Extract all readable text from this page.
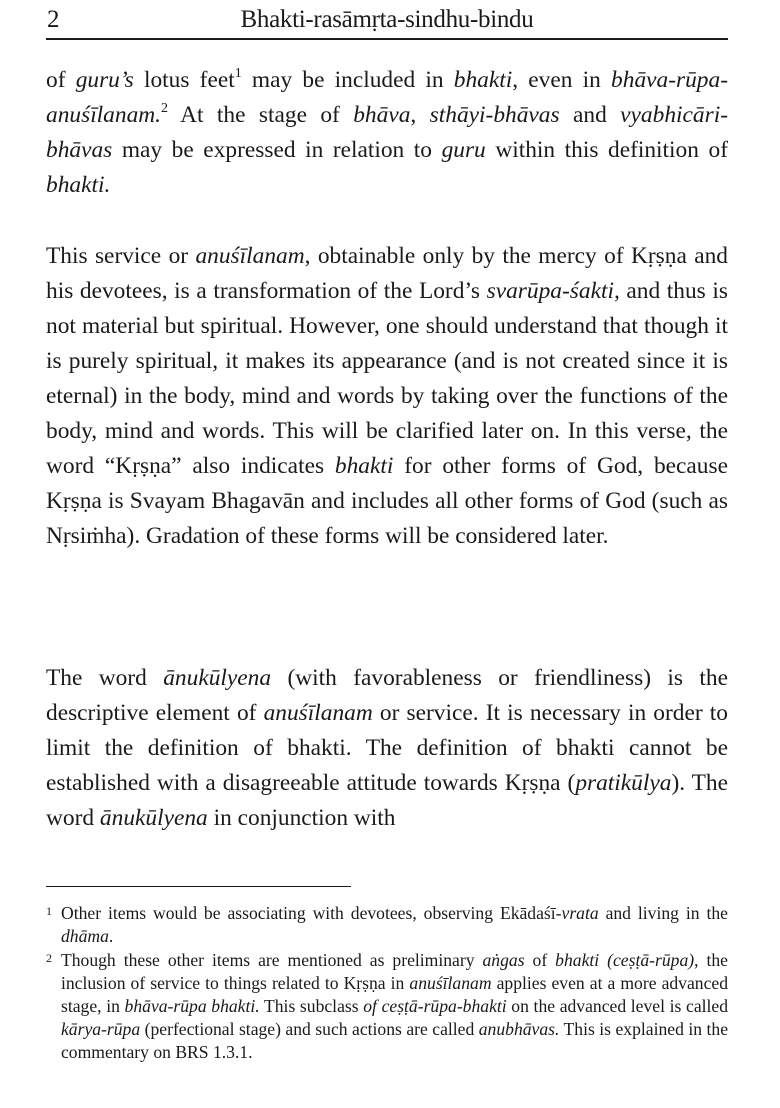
2	Bhakti-rasāmṛta-sindhu-bindu

of guru’s lotus feet$^1$ may be included in bhakti, even in bhāva-rūpa-anuśīlanam.$^2$ At the stage of bhāva, sthāyi-bhāvas and vyabhicāri-bhāvas may be expressed in relation to guru within this definition of bhakti.

This service or anuśīlanam, obtainable only by the mercy of Kṛṣṇa and his devotees, is a transformation of the Lord’s svarūpa-śakti, and thus is not material but spiritual. However, one should understand that though it is purely spiritual, it makes its appearance (and is not created since it is eternal) in the body, mind and words by taking over the functions of the body, mind and words. This will be clarified later on. In this verse, the word “Kṛṣṇa” also indicates bhakti for other forms of God, because Kṛṣṇa is Svayam Bhagavān and includes all other forms of God (such as Nṛsiṁha). Gradation of these forms will be considered later.

The word ānukūlyena (with favorableness or friendliness) is the descriptive element of anuśīlanam or service. It is necessary in order to limit the definition of bhakti. The definition of bhakti cannot be established with a disagreeable attitude towards Kṛṣṇa (pratikūlya). The word ānukūlyena in conjunction with

1 Other items would be associating with devotees, observing Ekādaśī-vrata and living in the dhāma.
2 Though these other items are mentioned as preliminary aṅgas of bhakti (ceṣṭā-rūpa), the inclusion of service to things related to Kṛṣṇa in anuśīlanam applies even at a more advanced stage, in bhāva-rūpa bhakti. This subclass of ceṣṭā-rūpa-bhakti on the advanced level is called kārya-rūpa (perfectional stage) and such actions are called anubhāvas. This is explained in the commentary on BRS 1.3.1.
